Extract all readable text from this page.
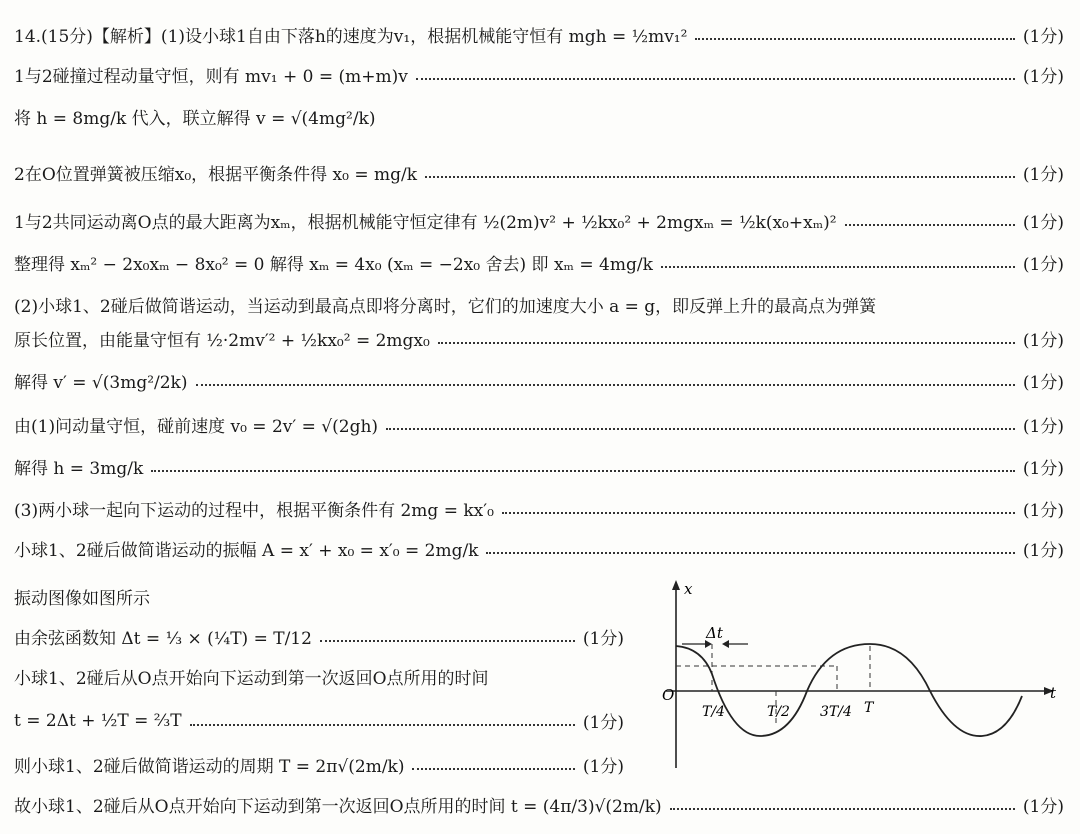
14.(15分)【解析】(1)设小球1自由下落h的速度为v₁，根据机械能守恒有 mgh = ½mv₁²	(1分)
1与2碰撞过程动量守恒，则有 mv₁ + 0 = (m+m)v	(1分)
将 h = 8mg/k 代入，联立解得 v = √(4mg²/k)
2在O位置弹簧被压缩x₀，根据平衡条件得 x₀ = mg/k	(1分)
1与2共同运动离O点的最大距离为xₘ，根据机械能守恒定律有 ½(2m)v² + ½kx₀² + 2mgxₘ = ½k(x₀+xₘ)²	(1分)
整理得 xₘ² − 2x₀xₘ − 8x₀² = 0 解得 xₘ = 4x₀ (xₘ = −2x₀ 舍去) 即 xₘ = 4mg/k	(1分)
(2)小球1、2碰后做简谐运动，当运动到最高点即将分离时，它们的加速度大小 a = g，即反弹上升的最高点为弹簧
原长位置，由能量守恒有 ½·2mv′² + ½kx₀² = 2mgx₀	(1分)
解得 v′ = √(3mg²/2k)	(1分)
由(1)问动量守恒，碰前速度 v₀ = 2v′ = √(2gh)	(1分)
解得 h = 3mg/k	(1分)
(3)两小球一起向下运动的过程中，根据平衡条件有 2mg = kx′₀	(1分)
小球1、2碰后做简谐运动的振幅 A = x′ + x₀ = x′₀ = 2mg/k	(1分)
振动图像如图所示
由余弦函数知 Δt = ⅓ × (¼T) = T/12	(1分)
小球1、2碰后从O点开始向下运动到第一次返回O点所用的时间
t = 2Δt + ½T = ⅔T	(1分)
则小球1、2碰后做简谐运动的周期 T = 2π√(2m/k)	(1分)
故小球1、2碰后从O点开始向下运动到第一次返回O点所用的时间 t = (4π/3)√(2m/k)	(1分)
x
t
O
Δt
T/4	T/2 3T/4 T
